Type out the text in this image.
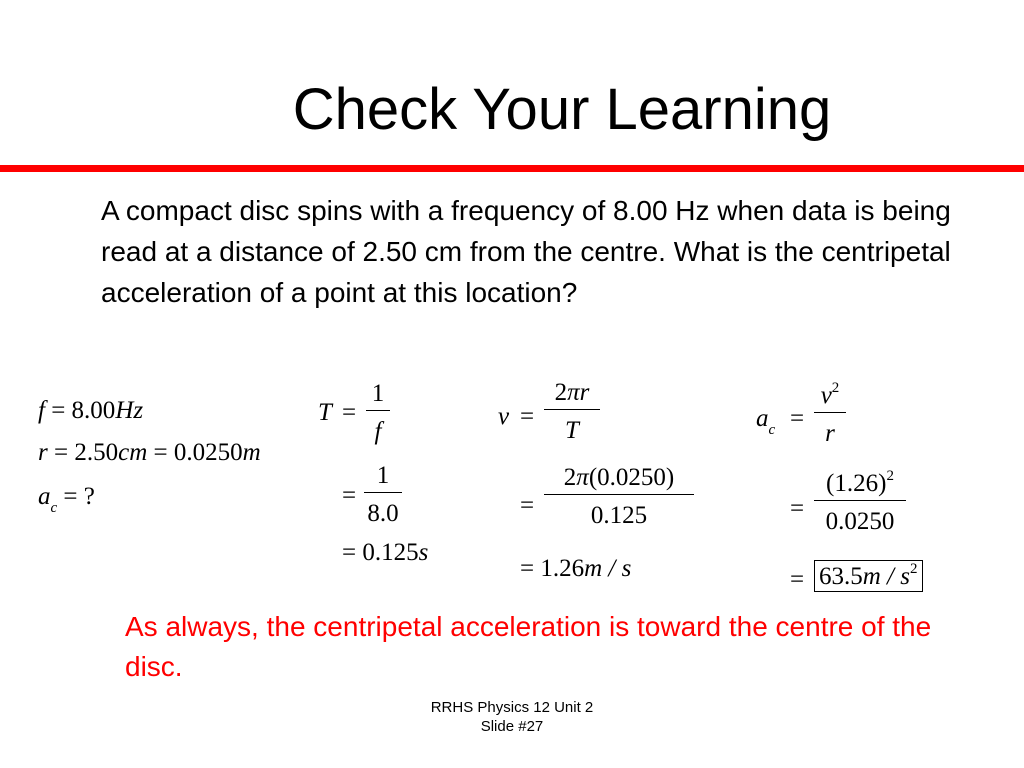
Check Your Learning

A compact disc spins with a frequency of 8.00 Hz when data is being read at a distance of 2.50 cm from the centre. What is the centripetal acceleration of a point at this location?

f = 8.00Hz
r = 2.50cm = 0.0250m
$a_c$ = ?
T =
1
f
=
1
8.0
= 0.125s
v =
2πr
T
=
2π(0.0250)
0.125
= 1.26m / s
$a_c$ =
$v^2$
r
=
$(1.26)^2$
0.0250
= $63.5m / s^2$

As always, the centripetal acceleration is toward the centre of the disc.

RRHS Physics 12 Unit 2
Slide #27
